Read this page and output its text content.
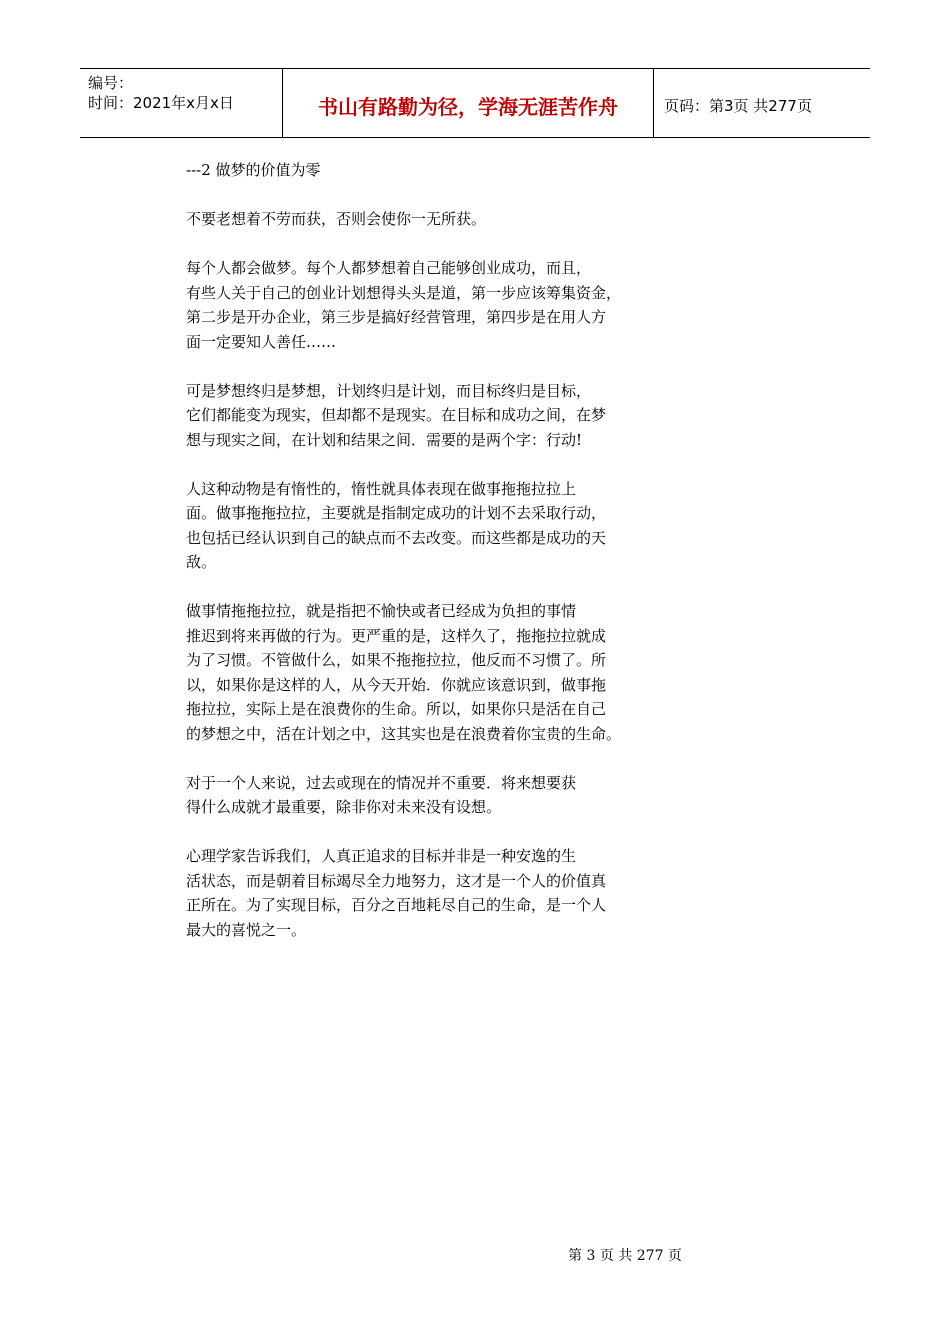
编号：
时间：2021年x月x日	书山有路勤为径，学海无涯苦作舟	页码：第3页 共277页

---2 做梦的价值为零

不要老想着不劳而获，否则会使你一无所获。

每个人都会做梦。每个人都梦想着自己能够创业成功，而且，
有些人关于自己的创业计划想得头头是道，第一步应该筹集资金，
第二步是开办企业，第三步是搞好经营管理，第四步是在用人方
面一定要知人善任……

可是梦想终归是梦想，计划终归是计划，而目标终归是目标，
它们都能变为现实，但却都不是现实。在目标和成功之间，在梦
想与现实之间，在计划和结果之间．需要的是两个字：行动!

人这种动物是有惰性的，惰性就具体表现在做事拖拖拉拉上
面。做事拖拖拉拉，主要就是指制定成功的计划不去采取行动，
也包括已经认识到自己的缺点而不去改变。而这些都是成功的天
敌。

做事情拖拖拉拉，就是指把不愉快或者已经成为负担的事情
推迟到将来再做的行为。更严重的是，这样久了，拖拖拉拉就成
为了习惯。不管做什么，如果不拖拖拉拉，他反而不习惯了。所
以，如果你是这样的人，从今天开始．你就应该意识到，做事拖
拖拉拉，实际上是在浪费你的生命。所以，如果你只是活在自己
的梦想之中，活在计划之中，这其实也是在浪费着你宝贵的生命。

对于一个人来说，过去或现在的情况并不重要．将来想要获
得什么成就才最重要，除非你对未来没有设想。

心理学家告诉我们，人真正追求的目标并非是一种安逸的生
活状态，而是朝着目标竭尽全力地努力，这才是一个人的价值真
正所在。为了实现目标，百分之百地耗尽自己的生命，是一个人
最大的喜悦之一。

第 3 页 共 277 页
